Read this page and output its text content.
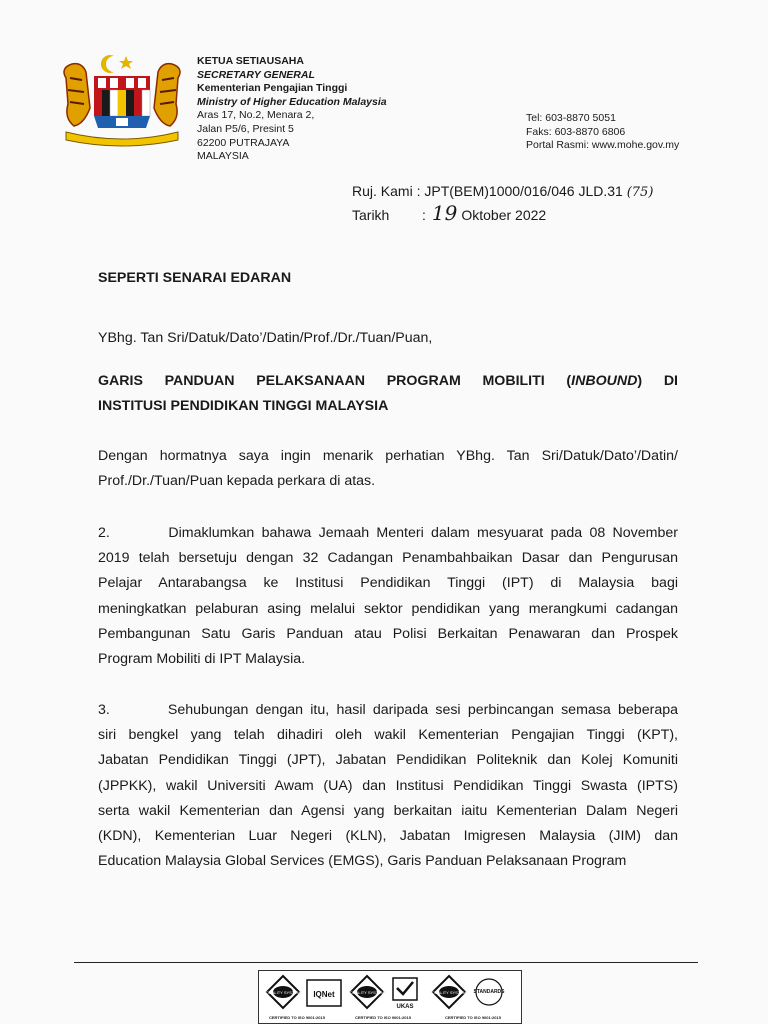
KETUA SETIAUSAHA
SECRETARY GENERAL
Kementerian Pengajian Tinggi
Ministry of Higher Education Malaysia
Aras 17, No.2, Menara 2,
Jalan P5/6, Presint 5
62200 PUTRAJAYA
MALAYSIA
Tel: 603-8870 5051
Faks: 603-8870 6806
Portal Rasmi: www.mohe.gov.my
Ruj. Kami : JPT(BEM)1000/016/046 JLD.31 (75)
Tarikh : 19 Oktober 2022
SEPERTI SENARAI EDARAN
YBhg. Tan Sri/Datuk/Dato’/Datin/Prof./Dr./Tuan/Puan,
GARIS PANDUAN PELAKSANAAN PROGRAM MOBILITI (INBOUND) DI
INSTITUSI PENDIDIKAN TINGGI MALAYSIA
Dengan hormatnya saya ingin menarik perhatian YBhg. Tan Sri/Datuk/Dato’/Datin/
Prof./Dr./Tuan/Puan kepada perkara di atas.
2.        Dimaklumkan bahawa Jemaah Menteri dalam mesyuarat pada 08 November
2019 telah bersetuju dengan 32 Cadangan Penambahbaikan Dasar dan Pengurusan
Pelajar Antarabangsa ke Institusi Pendidikan Tinggi (IPT) di Malaysia bagi
meningkatkan pelaburan asing melalui sektor pendidikan yang merangkumi cadangan
Pembangunan Satu Garis Panduan atau Polisi Berkaitan Penawaran dan Prospek
Program Mobiliti di IPT Malaysia.
3.        Sehubungan dengan itu, hasil daripada sesi perbincangan semasa beberapa
siri bengkel yang telah dihadiri oleh wakil Kementerian Pengajian Tinggi (KPT),
Jabatan Pendidikan Tinggi (JPT), Jabatan Pendidikan Politeknik dan Kolej Komuniti
(JPPKK), wakil Universiti Awam (UA) dan Institusi Pendidikan Tinggi Swasta (IPTS)
serta wakil Kementerian dan Agensi yang berkaitan iaitu Kementerian Dalam Negeri
(KDN), Kementerian Luar Negeri (KLN), Jabatan Imigresen Malaysia (JIM) dan
Education Malaysia Global Services (EMGS), Garis Panduan Pelaksanaan Program
QUALITY SYSTEM IQNet	QUALITY SYSTEM
UKAS
QUALITY SYSTEM STANDARDS
CERTIFIED TO ISO 9001:2015	CERTIFIED TO ISO 9001:2015	CERTIFIED TO ISO 9001:2015
